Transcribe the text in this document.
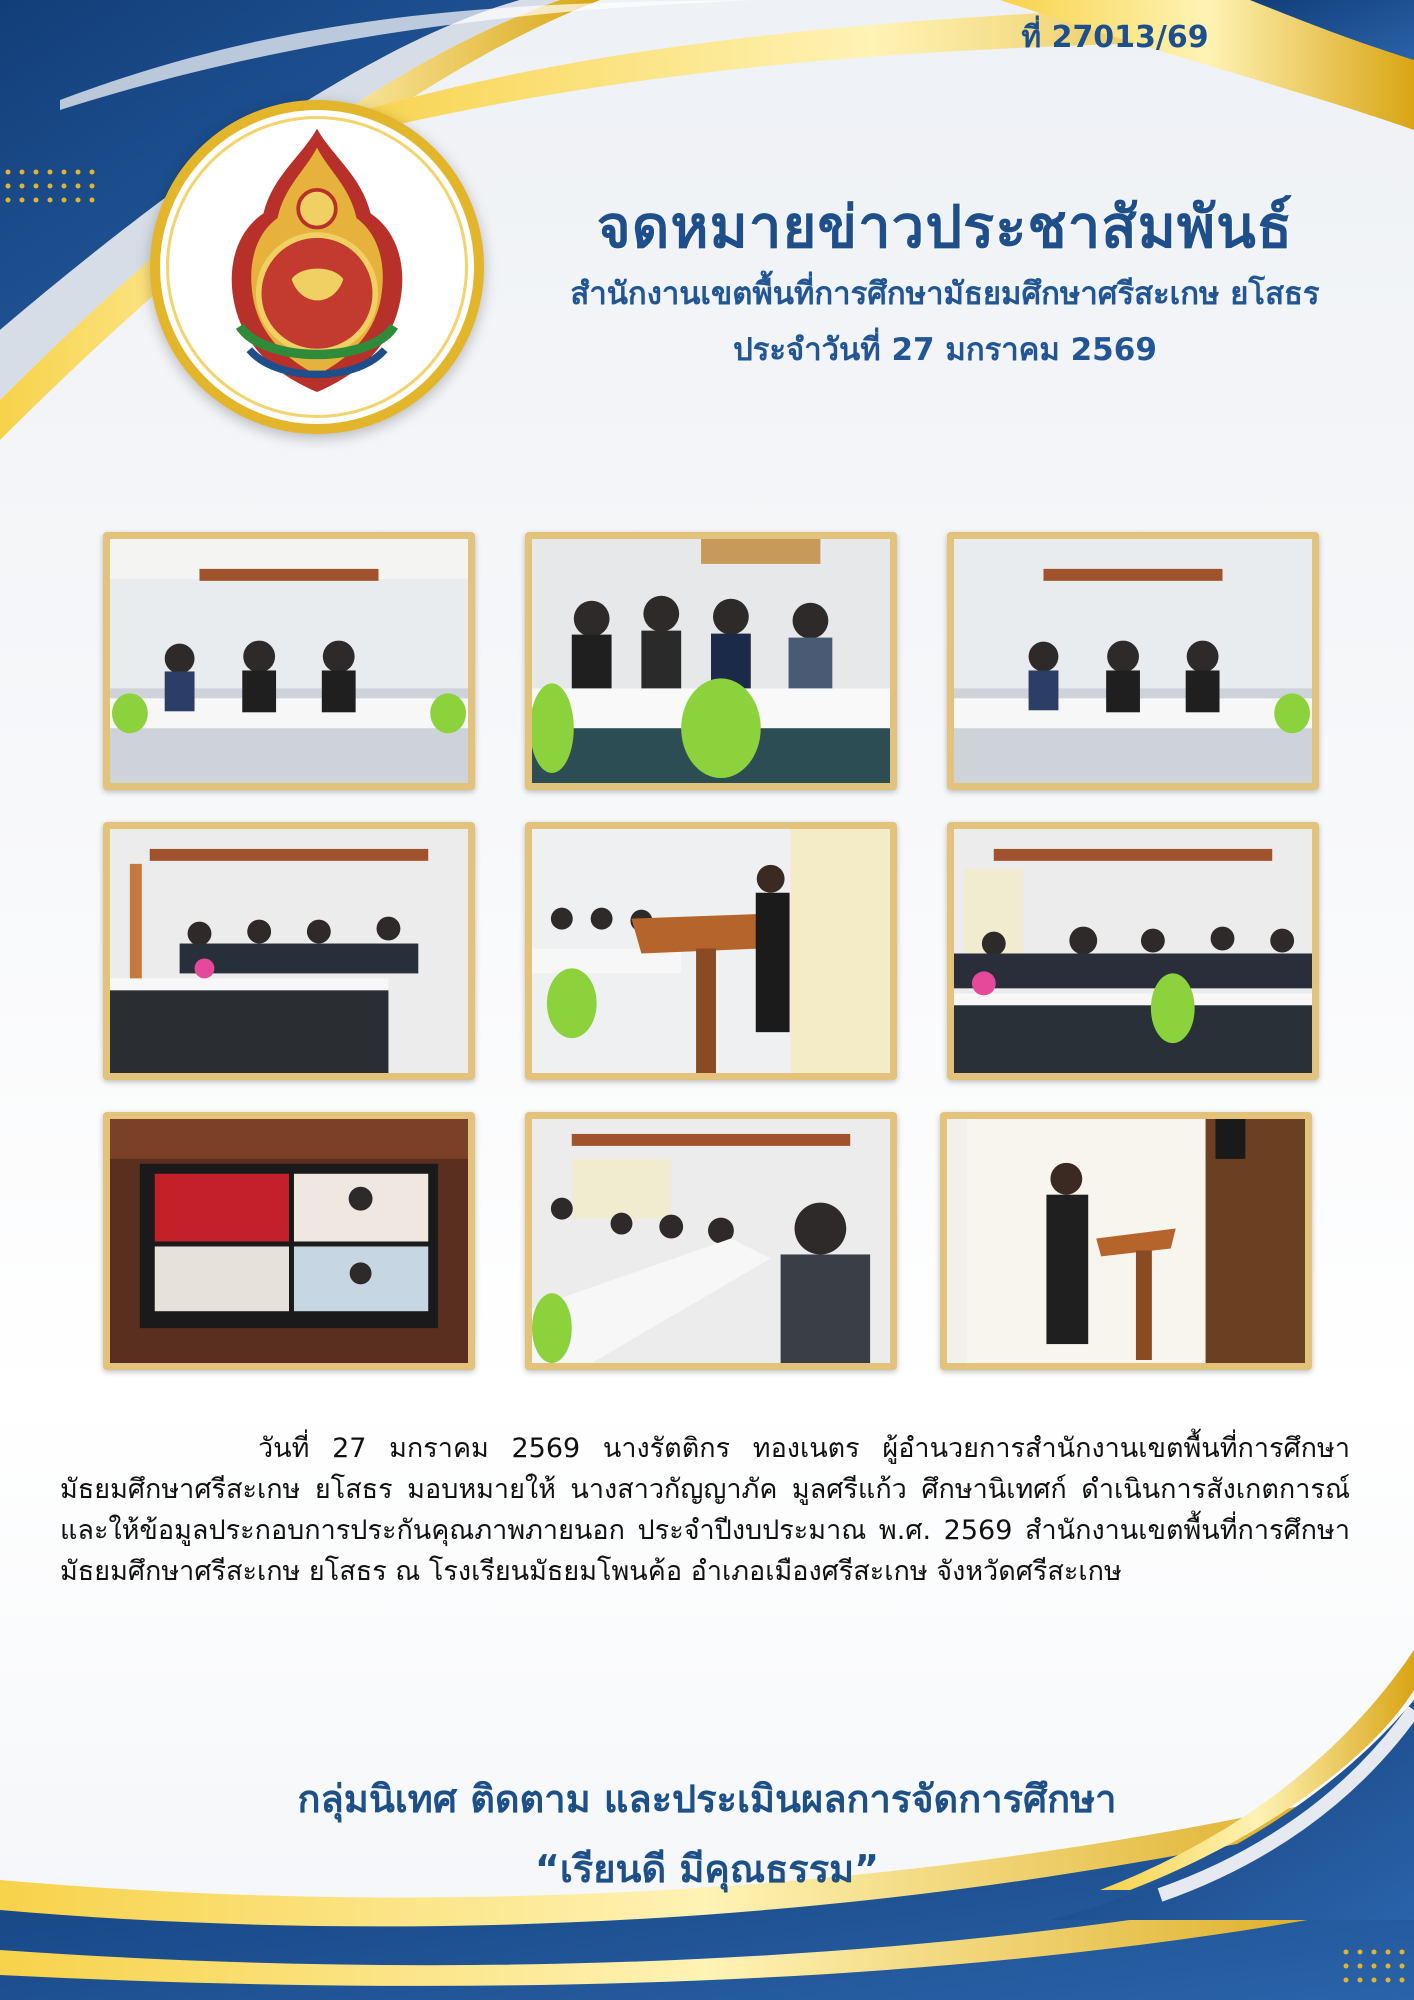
ที่ 27013/69
จดหมายข่าวประชาสัมพันธ์
สำนักงานเขตพื้นที่การศึกษามัธยมศึกษาศรีสะเกษ ยโสธร
ประจำวันที่ 27 มกราคม 2569
วันที่ 27 มกราคม 2569 นางรัตติกร ทองเนตร ผู้อำนวยการสำนักงานเขตพื้นที่การศึกษามัธยมศึกษาศรีสะเกษ ยโสธร มอบหมายให้ นางสาวกัญญาภัค มูลศรีแก้ว ศึกษานิเทศก์ ดำเนินการสังเกตการณ์และให้ข้อมูลประกอบการประกันคุณภาพภายนอก ประจำปีงบประมาณ พ.ศ. 2569 สำนักงานเขตพื้นที่การศึกษามัธยมศึกษาศรีสะเกษ ยโสธร ณ โรงเรียนมัธยมโพนค้อ อำเภอเมืองศรีสะเกษ จังหวัดศรีสะเกษ
กลุ่มนิเทศ ติดตาม และประเมินผลการจัดการศึกษา
“เรียนดี มีคุณธรรม”
